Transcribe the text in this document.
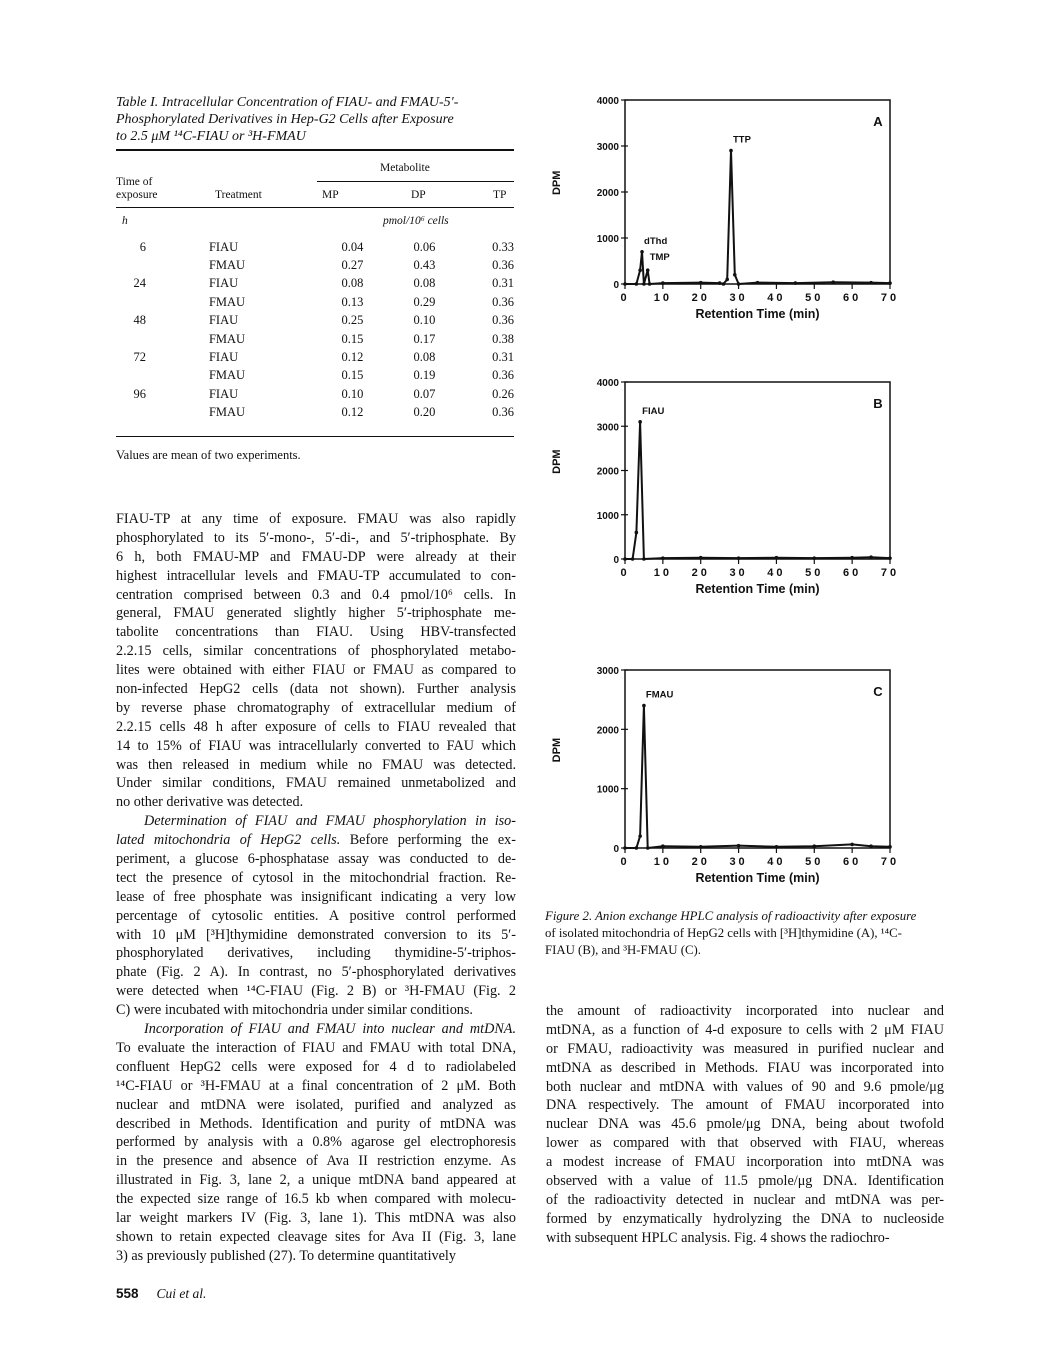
Table I. Intracellular Concentration of FIAU- and FMAU-5′-
Phosphorylated Derivatives in Hep-G2 Cells after Exposure
to 2.5 μM ¹⁴C-FIAU or ³H-FMAU
Metabolite
Time of
exposure	Treatment	MP	DP	TP
h	pmol/10⁶ cells
6	FIAU	0.04	0.06	0.33
	FMAU	0.27	0.43	0.36
24	FIAU	0.08	0.08	0.31
	FMAU	0.13	0.29	0.36
48	FIAU	0.25	0.10	0.36
	FMAU	0.15	0.17	0.38
72	FIAU	0.12	0.08	0.31
	FMAU	0.15	0.19	0.36
96	FIAU	0.10	0.07	0.26
	FMAU	0.12	0.20	0.36
Values are mean of two experiments.
FIAU-TP at any time of exposure. FMAU was also rapidly
phosphorylated to its 5′-mono-, 5′-di-, and 5′-triphosphate. By
6 h, both FMAU-MP and FMAU-DP were already at their
highest intracellular levels and FMAU-TP accumulated to con-
centration comprised between 0.3 and 0.4 pmol/10⁶ cells. In
general, FMAU generated slightly higher 5′-triphosphate me-
tabolite concentrations than FIAU. Using HBV-transfected
2.2.15 cells, similar concentrations of phosphorylated metabo-
lites were obtained with either FIAU or FMAU as compared to
non-infected HepG2 cells (data not shown). Further analysis
by reverse phase chromatography of extracellular medium of
2.2.15 cells 48 h after exposure of cells to FIAU revealed that
14 to 15% of FIAU was intracellularly converted to FAU which
was then released in medium while no FMAU was detected.
Under similar conditions, FMAU remained unmetabolized and
no other derivative was detected.
Determination of FIAU and FMAU phosphorylation in iso-
lated mitochondria of HepG2 cells. Before performing the ex-
periment, a glucose 6-phosphatase assay was conducted to de-
tect the presence of cytosol in the mitochondrial fraction. Re-
lease of free phosphate was insignificant indicating a very low
percentage of cytosolic entities. A positive control performed
with 10 μM [³H]thymidine demonstrated conversion to its 5′-
phosphorylated derivatives, including thymidine-5′-triphos-
phate (Fig. 2 A). In contrast, no 5′-phosphorylated derivatives
were detected when ¹⁴C-FIAU (Fig. 2 B) or ³H-FMAU (Fig. 2
C) were incubated with mitochondria under similar conditions.
Incorporation of FIAU and FMAU into nuclear and mtDNA.
To evaluate the interaction of FIAU and FMAU with total DNA,
confluent HepG2 cells were exposed for 4 d to radiolabeled
¹⁴C-FIAU or ³H-FMAU at a final concentration of 2 μM. Both
nuclear and mtDNA were isolated, purified and analyzed as
described in Methods. Identification and purity of mtDNA was
performed by analysis with a 0.8% agarose gel electrophoresis
in the presence and absence of Ava II restriction enzyme. As
illustrated in Fig. 3, lane 2, a unique mtDNA band appeared at
the expected size range of 16.5 kb when compared with molecu-
lar weight markers IV (Fig. 3, lane 1). This mtDNA was also
shown to retain expected cleavage sites for Ava II (Fig. 3, lane
3) as previously published (27). To determine quantitatively
the amount of radioactivity incorporated into nuclear and
mtDNA, as a function of 4-d exposure to cells with 2 μM FIAU
or FMAU, radioactivity was measured in purified nuclear and
mtDNA as described in Methods. FIAU was incorporated into
both nuclear and mtDNA with values of 90 and 9.6 pmole/μg
DNA respectively. The amount of FMAU incorporated into
nuclear DNA was 45.6 pmole/μg DNA, being about twofold
lower as compared with that observed with FIAU, whereas
a modest increase of FMAU incorporation into mtDNA was
observed with a value of 11.5 pmole/μg DNA. Identification
of the radioactivity detected in nuclear and mtDNA was per-
formed by enzymatically hydrolyzing the DNA to nucleoside
with subsequent HPLC analysis. Fig. 4 shows the radiochro-
0
1000
2000
3000
4000
0 10 20 30 40 50 60 70
Retention Time (min)
DPM
A
TTP
dThd
TMP
0
1000
2000
3000
4000
0 10 20 30 40 50 60 70
Retention Time (min)
DPM
B
FIAU
0
1000
2000
3000
0 10 20 30 40 50 60 70
Retention Time (min)
DPM
C
FMAU
Figure 2. Anion exchange HPLC analysis of radioactivity after exposure
of isolated mitochondria of HepG2 cells with [³H]thymidine (A), ¹⁴C-
FIAU (B), and ³H-FMAU (C).
558 Cui et al.
